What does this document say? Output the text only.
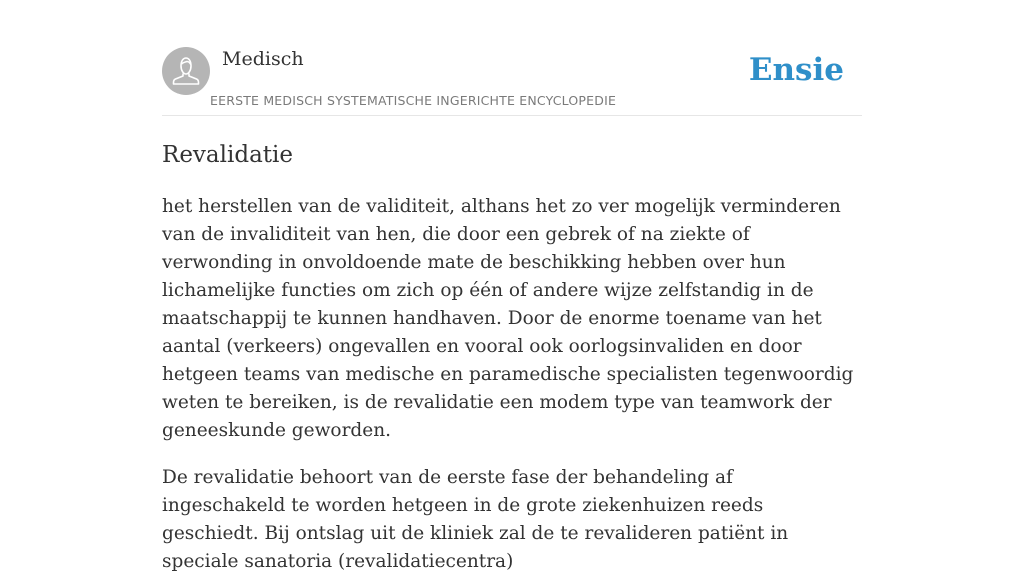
Medisch
EERSTE MEDISCH SYSTEMATISCHE INGERICHTE ENCYCLOPEDIE
Ensie
Revalidatie

het herstellen van de validiteit, althans het zo ver mogelijk verminderen van de invaliditeit van hen, die door een gebrek of na ziekte of verwonding in onvoldoende mate de beschikking hebben over hun lichamelijke functies om zich op één of andere wijze zelfstandig in de maatschappij te kunnen handhaven. Door de enorme toename van het aantal (verkeers) ongevallen en vooral ook oorlogsinvaliden en door hetgeen teams van medische en paramedische specialisten tegenwoordig weten te bereiken, is de revalidatie een modem type van teamwork der geneeskunde geworden.

De revalidatie behoort van de eerste fase der behandeling af ingeschakeld te worden hetgeen in de grote ziekenhuizen reeds geschiedt. Bij ontslag uit de kliniek zal de te revalideren patiënt in speciale sanatoria (revalidatiecentra)
